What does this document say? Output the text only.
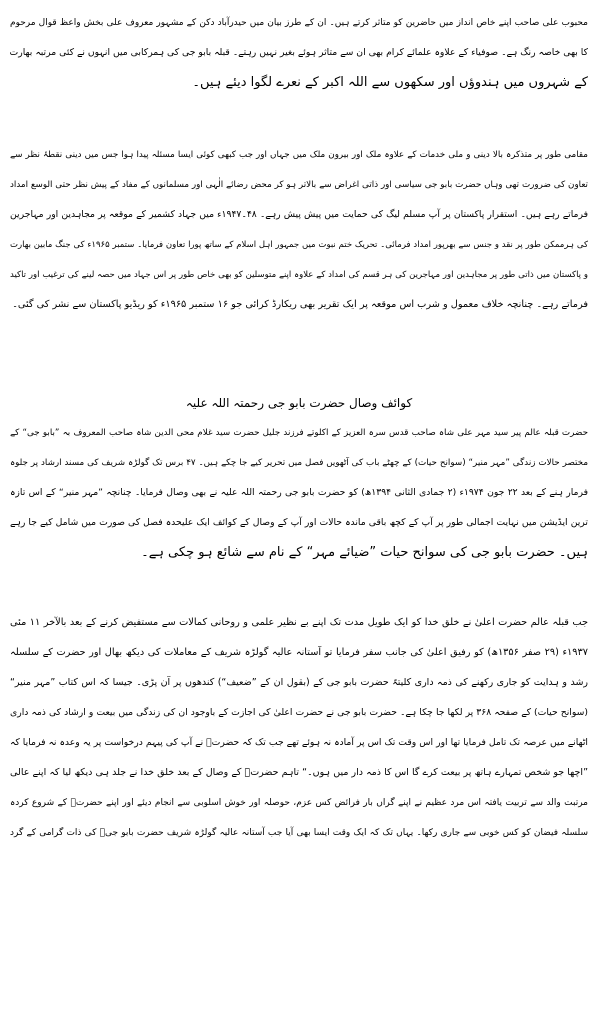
محبوب علی صاحب اپنے خاص انداز میں حاضرین کو متاثر کرتے ہیں۔ ان کے طرز بیان میں حیدرآباد دکن کے مشہور معروف علی بخش واعظ قوال مرحوم
کا بھی خاصہ رنگ ہے۔ صوفیاء کے علاوہ علمائے کرام بھی ان سے متاثر ہوئے بغیر نہیں رہتے۔ قبلہ بابو جی کی ہمرکابی میں انہوں نے کئی مرتبہ بھارت
کے شہروں میں ہندوؤں اور سکھوں سے اللہ اکبر کے نعرے لگوا دیئے ہیں۔
مقامی طور پر متذکرہ بالا دینی و ملی خدمات کے علاوہ ملک اور بیرون ملک میں جہاں اور جب کبھی کوئی ایسا مسئلہ پیدا ہوا جس میں دینی نقطۂ نظر سے
تعاون کی ضرورت تھی وہاں حضرت بابو جی سیاسی اور ذاتی اغراض سے بالاتر ہو کر محض رضائے الٰہی اور مسلمانوں کے مفاد کے پیش نظر حتی الوسع امداد
فرماتے رہے ہیں۔ استقرار پاکستان پر آپ مسلم لیگ کی حمایت میں پیش پیش رہے۔ ۴۸۔۱۹۴۷ء میں جہاد کشمیر کے موقعہ پر مجاہدین اور مہاجرین
کی ہرممکن طور پر نقد و جنس سے بھرپور امداد فرمائی۔ تحریک ختم نبوت میں جمہور اہل اسلام کے ساتھ پورا تعاون فرمایا۔ ستمبر ۱۹۶۵ء کی جنگ مابین بھارت
و پاکستان میں ذاتی طور پر مجاہدین اور مہاجرین کی ہر قسم کی امداد کے علاوہ اپنے متوسلین کو بھی خاص طور پر اس جہاد میں حصہ لینے کی ترغیب اور تاکید
فرماتے رہے۔ چنانچہ خلاف معمول و شرب اس موقعہ پر ایک تقریر بھی ریکارڈ کرائی جو ۱۶ ستمبر ۱۹۶۵ء کو ریڈیو پاکستان سے نشر کی گئی۔
کوائف وصال حضرت بابو جی رحمتہ اللہ علیہ
حضرت قبلہ عالم پیر سید مہر علی شاہ صاحب قدس سرہ العزیز کے اکلوتے فرزند جلیل حضرت سید غلام محی الدین شاہ صاحب المعروف بہ ”بابو جی“ کے
مختصر حالات زندگی ”مہر منیر“ (سوانح حیات) کے چھٹے باب کی آٹھویں فصل میں تحریر کیے جا چکے ہیں۔ ۴۷ برس تک گولڑہ شریف کی مسند ارشاد پر جلوہ
فرمار ہنے کے بعد ۲۲ جون ۱۹۷۴ء (۲ جمادی الثانی ۱۳۹۴ھ) کو حضرت بابو جی رحمتہ اللہ علیہ نے بھی وصال فرمایا۔ چنانچہ ”مہر منیر“ کے اس تازہ
ترین ایڈیشن میں نہایت اجمالی طور پر آپ کے کچھ باقی ماندہ حالات اور آپ کے وصال کے کوائف ایک علیحدہ فصل کی صورت میں شامل کیے جا رہے
ہیں۔ حضرت بابو جی کی سوانح حیات ”ضیائے مہر“ کے نام سے شائع ہو چکی ہے۔
جب قبلہ عالم حضرت اعلیٰ نے خلق خدا کو ایک طویل مدت تک اپنے بے نظیر علمی و روحانی کمالات سے مستفیض کرنے کے بعد بالآخر ۱۱ مئی
۱۹۳۷ء (۲۹ صفر ۱۳۵۶ھ) کو رفیق اعلیٰ کی جانب سفر فرمایا تو آستانہ عالیہ گولڑہ شریف کے معاملات کی دیکھ بھال اور حضرت کے سلسلہ
رشد و ہدایت کو جاری رکھنے کی ذمہ داری کلیتہً حضرت بابو جی کے (بقول ان کے ”ضعیف“) کندھوں پر آن پڑی۔ جیسا کہ اس کتاب ”مہر منیر“
(سوانح حیات) کے صفحہ ۳۶۸ پر لکھا جا چکا ہے۔ حضرت بابو جی نے حضرت اعلیٰ کی اجازت کے باوجود ان کی زندگی میں بیعت و ارشاد کی ذمہ داری
اٹھانے میں عرصہ تک تامل فرمایا تھا اور اس وقت تک اس پر آمادہ نہ ہوئے تھے جب تک کہ حضرتؒ نے آپ کی پیہم درخواست پر یہ وعدہ نہ فرمایا کہ
”اچھا جو شخص تمہارے ہاتھ پر بیعت کرے گا اس کا ذمہ دار میں ہوں۔“ تاہم حضرتؒ کے وصال کے بعد خلق خدا نے جلد ہی دیکھ لیا کہ اپنے عالی
مرتبت والد سے تربیت یافتہ اس مرد عظیم نے اپنے گراں بار فرائض کس عزم، حوصلہ اور خوش اسلوبی سے انجام دیئے اور اپنے حضرتؒ کے شروع کردہ
سلسلہ فیضان کو کس خوبی سے جاری رکھا۔ یہاں تک کہ ایک وقت ایسا بھی آیا جب آستانہ عالیہ گولڑہ شریف حضرت بابو جیؒ کی ذات گرامی کے گرد
